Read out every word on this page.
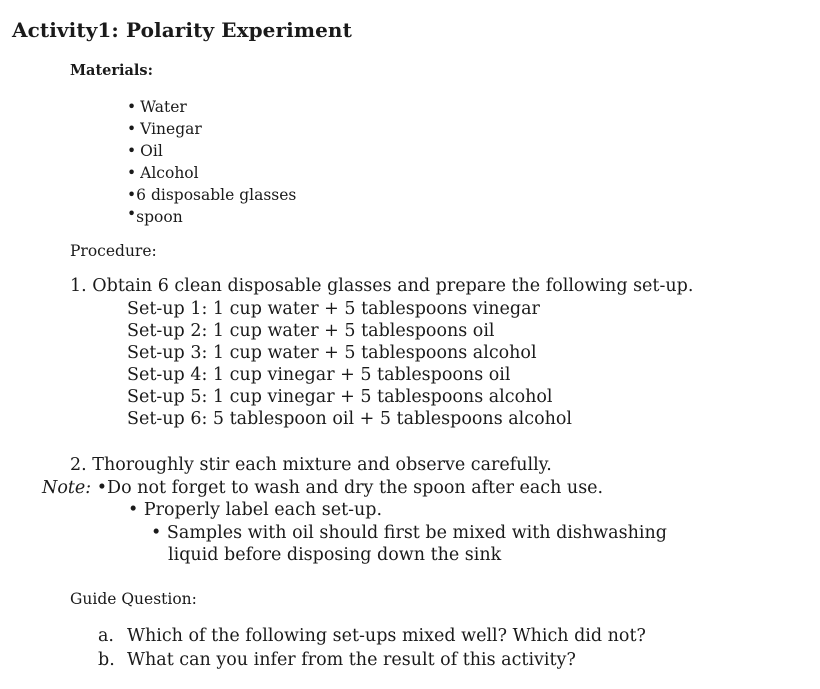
Activity1: Polarity Experiment
Materials:
• Water
• Vinegar
• Oil
• Alcohol
•6 disposable glasses
•spoon
Procedure:
1. Obtain 6 clean disposable glasses and prepare the following set-up.
Set-up 1: 1 cup water + 5 tablespoons vinegar
Set-up 2: 1 cup water + 5 tablespoons oil
Set-up 3: 1 cup water + 5 tablespoons alcohol
Set-up 4: 1 cup vinegar + 5 tablespoons oil
Set-up 5: 1 cup vinegar + 5 tablespoons alcohol
Set-up 6: 5 tablespoon oil + 5 tablespoons alcohol
2. Thoroughly stir each mixture and observe carefully.
Note: •Do not forget to wash and dry the spoon after each use.
• Properly label each set-up.
• Samples with oil should first be mixed with dishwashing
liquid before disposing down the sink
Guide Question:
a. Which of the following set-ups mixed well? Which did not?
b. What can you infer from the result of this activity?
